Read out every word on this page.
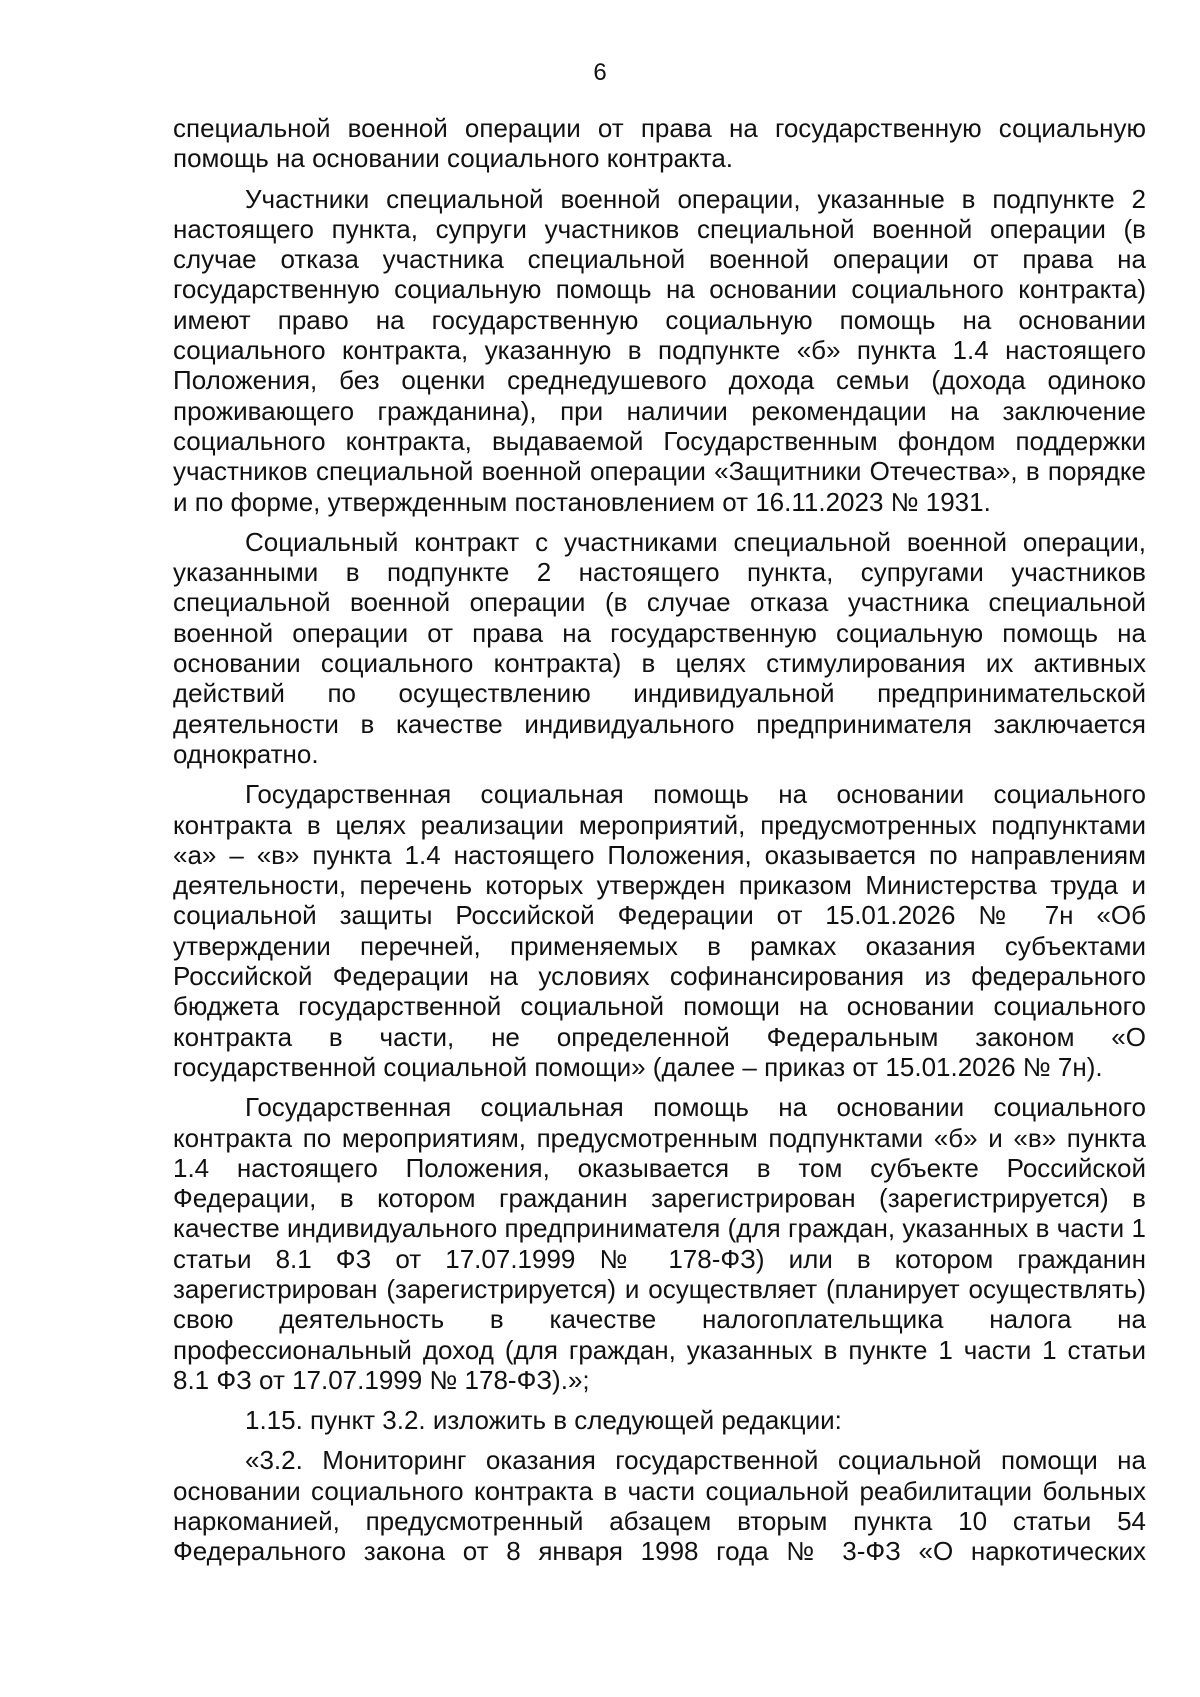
6

специальной военной операции от права на государственную социальную помощь на основании социального контракта.

Участники специальной военной операции, указанные в подпункте 2 настоящего пункта, супруги участников специальной военной операции (в случае отказа участника специальной военной операции от права на государственную социальную помощь на основании социального контракта) имеют право на государственную социальную помощь на основании социального контракта, указанную в подпункте «б» пункта 1.4 настоящего Положения, без оценки среднедушевого дохода семьи (дохода одиноко проживающего гражданина), при наличии рекомендации на заключение социального контракта, выдаваемой Государственным фондом поддержки участников специальной военной операции «Защитники Отечества», в порядке и по форме, утвержденным постановлением от 16.11.2023 № 1931.

Социальный контракт с участниками специальной военной операции, указанными в подпункте 2 настоящего пункта, супругами участников специальной военной операции (в случае отказа участника специальной военной операции от права на государственную социальную помощь на основании социального контракта) в целях стимулирования их активных действий по осуществлению индивидуальной предпринимательской деятельности в качестве индивидуального предпринимателя заключается однократно.

Государственная социальная помощь на основании социального контракта в целях реализации мероприятий, предусмотренных подпунктами «а» – «в» пункта 1.4 настоящего Положения, оказывается по направлениям деятельности, перечень которых утвержден приказом Министерства труда и социальной защиты Российской Федерации от 15.01.2026 № 7н «Об утверждении перечней, применяемых в рамках оказания субъектами Российской Федерации на условиях софинансирования из федерального бюджета государственной социальной помощи на основании социального контракта в части, не определенной Федеральным законом «О государственной социальной помощи» (далее – приказ от 15.01.2026 № 7н).

Государственная социальная помощь на основании социального контракта по мероприятиям, предусмотренным подпунктами «б» и «в» пункта 1.4 настоящего Положения, оказывается в том субъекте Российской Федерации, в котором гражданин зарегистрирован (зарегистрируется) в качестве индивидуального предпринимателя (для граждан, указанных в части 1 статьи 8.1 ФЗ от 17.07.1999 № 178-ФЗ) или в котором гражданин зарегистрирован (зарегистрируется) и осуществляет (планирует осуществлять) свою деятельность в качестве налогоплательщика налога на профессиональный доход (для граждан, указанных в пункте 1 части 1 статьи 8.1 ФЗ от 17.07.1999 № 178-ФЗ).»;

1.15. пункт 3.2. изложить в следующей редакции:

«3.2. Мониторинг оказания государственной социальной помощи на основании социального контракта в части социальной реабилитации больных наркоманией, предусмотренный абзацем вторым пункта 10 статьи 54 Федерального закона от 8 января 1998 года № 3-ФЗ «О наркотических
